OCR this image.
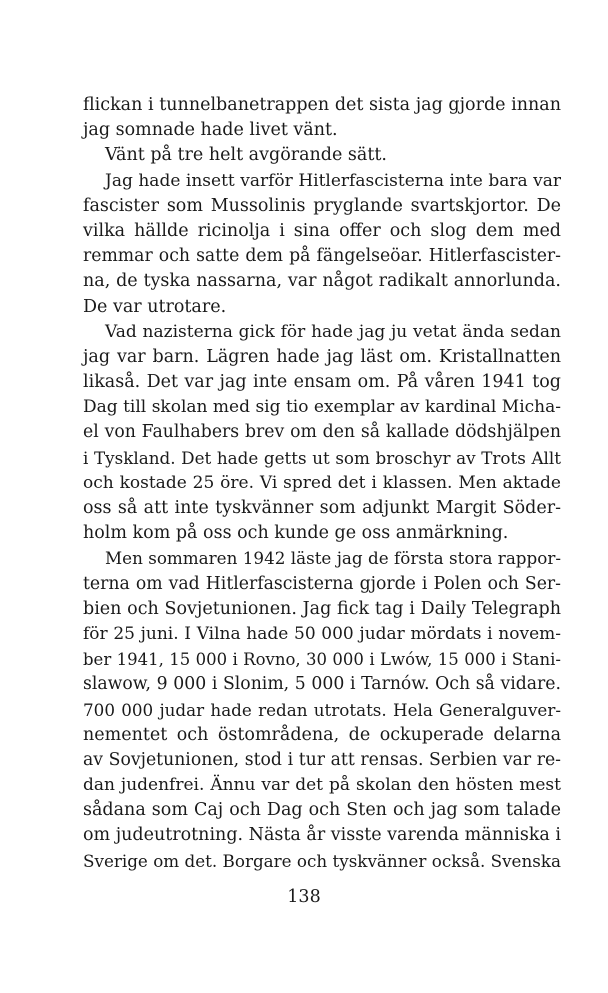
flickan i tunnelbanetrappen det sista jag gjorde innan
jag somnade hade livet vänt.
Vänt på tre helt avgörande sätt.
Jag hade insett varför Hitlerfascisterna inte bara var
fascister som Mussolinis pryglande svartskjortor. De
vilka hällde ricinolja i sina offer och slog dem med
remmar och satte dem på fängelseöar. Hitlerfascister-
na, de tyska nassarna, var något radikalt annorlunda.
De var utrotare.
Vad nazisterna gick för hade jag ju vetat ända sedan
jag var barn. Lägren hade jag läst om. Kristallnatten
likaså. Det var jag inte ensam om. På våren 1941 tog
Dag till skolan med sig tio exemplar av kardinal Micha-
el von Faulhabers brev om den så kallade dödshjälpen
i Tyskland. Det hade getts ut som broschyr av Trots Allt
och kostade 25 öre. Vi spred det i klassen. Men aktade
oss så att inte tyskvänner som adjunkt Margit Söder-
holm kom på oss och kunde ge oss anmärkning.
Men sommaren 1942 läste jag de första stora rappor-
terna om vad Hitlerfascisterna gjorde i Polen och Ser-
bien och Sovjetunionen. Jag fick tag i Daily Telegraph
för 25 juni. I Vilna hade 50 000 judar mördats i novem-
ber 1941, 15 000 i Rovno, 30 000 i Lwów, 15 000 i Stani-
slawow, 9 000 i Slonim, 5 000 i Tarnów. Och så vidare.
700 000 judar hade redan utrotats. Hela Generalguver-
nementet och östområdena, de ockuperade delarna
av Sovjetunionen, stod i tur att rensas. Serbien var re-
dan judenfrei. Ännu var det på skolan den hösten mest
sådana som Caj och Dag och Sten och jag som talade
om judeutrotning. Nästa år visste varenda människa i
Sverige om det. Borgare och tyskvänner också. Svenska
138
